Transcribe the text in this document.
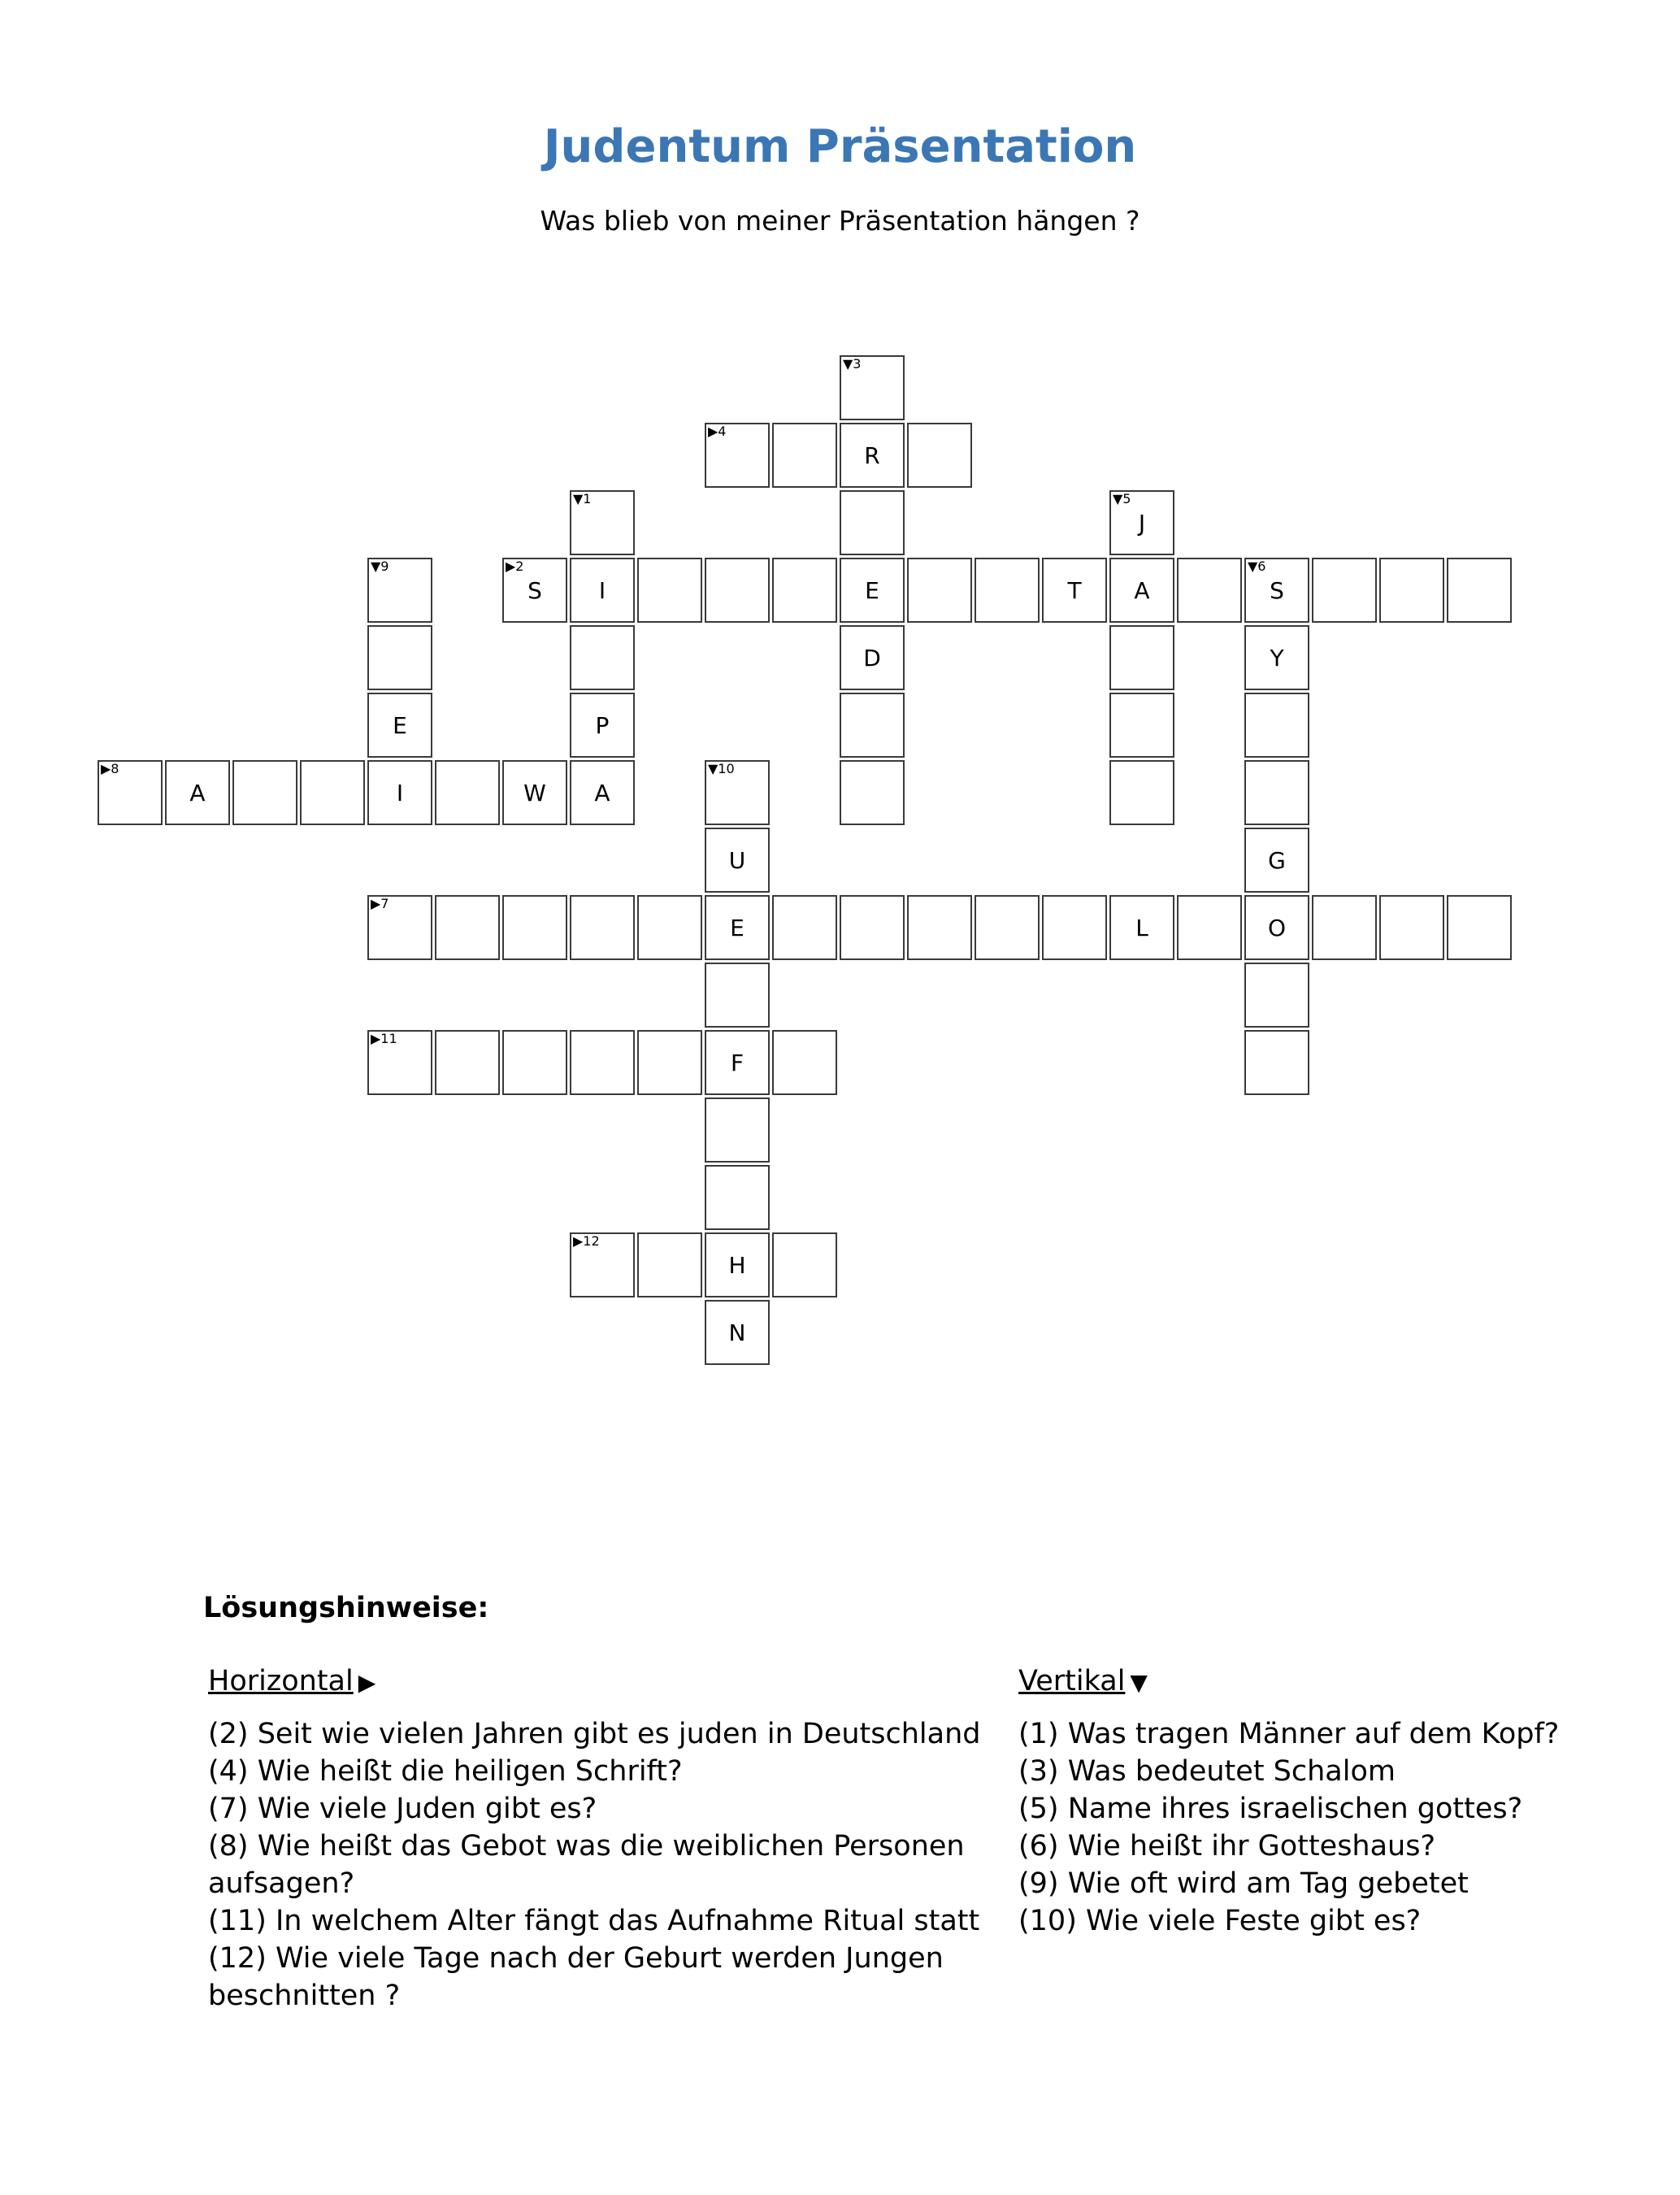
Judentum Präsentation
Was blieb von meiner Präsentation hängen ?
▼3
▶4
R
▼1	▼5
J
▼9	▶2
S	I	E	T	A
▼6
S
D	Y
E	P
▶8
A	I	W	A
▼10
U	G
▶7
E	L	O
▶11
F
▶12
H
N
Lösungshinweise:
Horizontal ▶	Vertikal ▼

(2) Seit wie vielen Jahren gibt es juden in Deutschland

(4) Wie heißt die heiligen Schrift?

(7) Wie viele Juden gibt es?

(8) Wie heißt das Gebot was die weiblichen Personen aufsagen?

(11) In welchem Alter fängt das Aufnahme Ritual statt

(12) Wie viele Tage nach der Geburt werden Jungen beschnitten ?

(1) Was tragen Männer auf dem Kopf?

(3) Was bedeutet Schalom

(5) Name ihres israelischen gottes?

(6) Wie heißt ihr Gotteshaus?

(9) Wie oft wird am Tag gebetet

(10) Wie viele Feste gibt es?
